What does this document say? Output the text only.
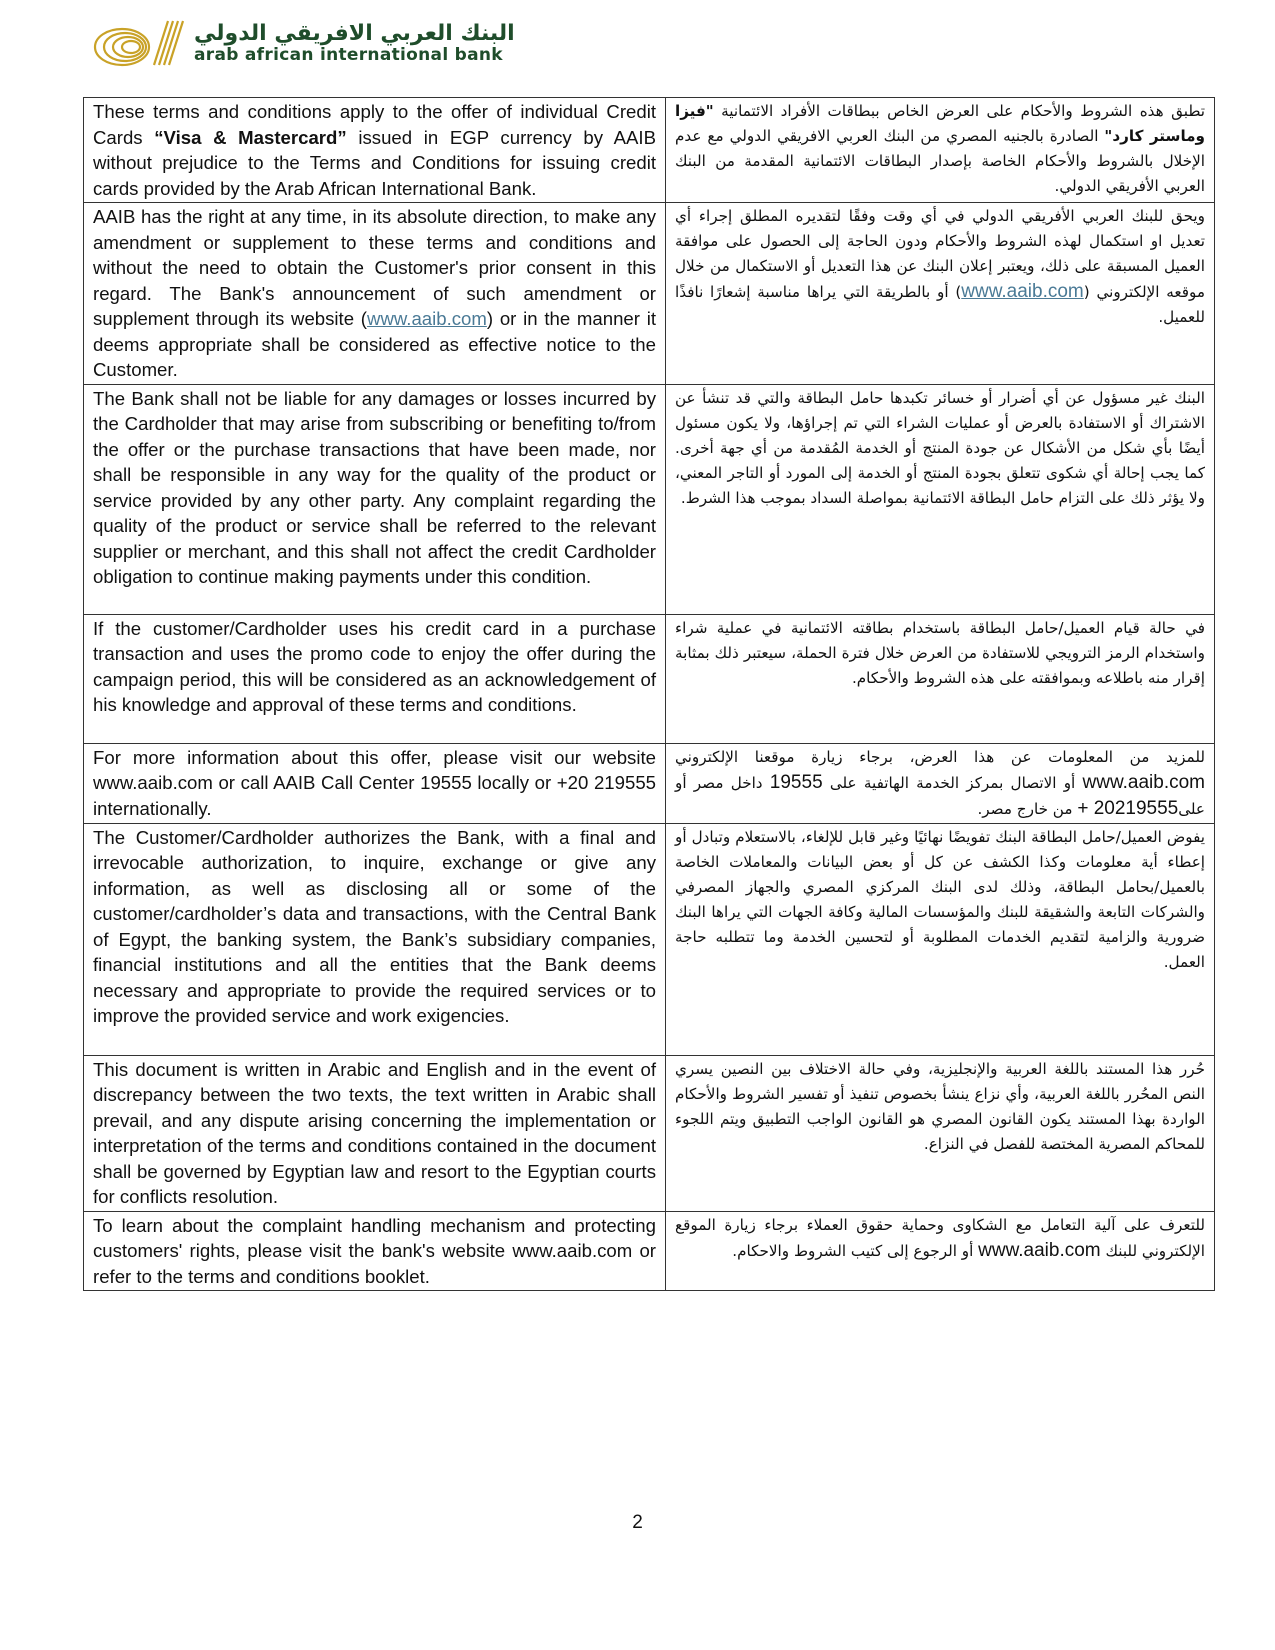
البنك العربي الافريقي الدولي
arab african international bank
These terms and conditions apply to the offer of individual Credit Cards “Visa & Mastercard” issued in EGP currency by AAIB without prejudice to the Terms and Conditions for issuing credit cards provided by the Arab African International Bank.	تطبق هذه الشروط والأحكام على العرض الخاص ببطاقات الأفراد الائتمانية "فيزا وماستر كارد" الصادرة بالجنيه المصري من البنك العربي الافريقي الدولي مع عدم الإخلال بالشروط والأحكام الخاصة بإصدار البطاقات الائتمانية المقدمة من البنك العربي الأفريقي الدولي.
AAIB has the right at any time, in its absolute direction, to make any amendment or supplement to these terms and conditions and without the need to obtain the Customer's prior consent in this regard. The Bank's announcement of such amendment or supplement through its website (www.aaib.com) or in the manner it deems appropriate shall be considered as effective notice to the Customer.	ويحق للبنك العربي الأفريقي الدولي في أي وقت وفقًا لتقديره المطلق إجراء أي تعديل او استكمال لهذه الشروط والأحكام ودون الحاجة إلى الحصول على موافقة العميل المسبقة على ذلك، ويعتبر إعلان البنك عن هذا التعديل أو الاستكمال من خلال موقعه الإلكتروني (www.aaib.com) أو بالطريقة التي يراها مناسبة إشعارًا نافذًا للعميل.
The Bank shall not be liable for any damages or losses incurred by the Cardholder that may arise from subscribing or benefiting to/from the offer or the purchase transactions that have been made, nor shall be responsible in any way for the quality of the product or service provided by any other party. Any complaint regarding the quality of the product or service shall be referred to the relevant supplier or merchant, and this shall not affect the credit Cardholder obligation to continue making payments under this condition.	البنك غير مسؤول عن أي أضرار أو خسائر تكبدها حامل البطاقة والتي قد تنشأ عن الاشتراك أو الاستفادة بالعرض أو عمليات الشراء التي تم إجراؤها، ولا يكون مسئول أيضًا بأي شكل من الأشكال عن جودة المنتج أو الخدمة المُقدمة من أي جهة أخرى. كما يجب إحالة أي شكوى تتعلق بجودة المنتج أو الخدمة إلى المورد أو التاجر المعني، ولا يؤثر ذلك على التزام حامل البطاقة الائتمانية بمواصلة السداد بموجب هذا الشرط.
If the customer/Cardholder uses his credit card in a purchase transaction and uses the promo code to enjoy the offer during the campaign period, this will be considered as an acknowledgement of his knowledge and approval of these terms and conditions.	في حالة قيام العميل/حامل البطاقة باستخدام بطاقته الائتمانية في عملية شراء واستخدام الرمز الترويجي للاستفادة من العرض خلال فترة الحملة، سيعتبر ذلك بمثابة إقرار منه باطلاعه وبموافقته على هذه الشروط والأحكام.
For more information about this offer, please visit our website www.aaib.com or call AAIB Call Center 19555 locally or +20 219555 internationally.	للمزيد من المعلومات عن هذا العرض، برجاء زيارة موقعنا الإلكتروني www.aaib.com أو الاتصال بمركز الخدمة الهاتفية على 19555 داخل مصر أو على20219555 + من خارج مصر.
The Customer/Cardholder authorizes the Bank, with a final and irrevocable authorization, to inquire, exchange or give any information, as well as disclosing all or some of the customer/cardholder’s data and transactions, with the Central Bank of Egypt, the banking system, the Bank’s subsidiary companies, financial institutions and all the entities that the Bank deems necessary and appropriate to provide the required services or to improve the provided service and work exigencies.	يفوض العميل/حامل البطاقة البنك تفويضًا نهائيًا وغير قابل للإلغاء، بالاستعلام وتبادل أو إعطاء أية معلومات وكذا الكشف عن كل أو بعض البيانات والمعاملات الخاصة بالعميل/بحامل البطاقة، وذلك لدى البنك المركزي المصري والجهاز المصرفي والشركات التابعة والشقيقة للبنك والمؤسسات المالية وكافة الجهات التي يراها البنك ضرورية والزامية لتقديم الخدمات المطلوبة أو لتحسين الخدمة وما تتطلبه حاجة العمل.
This document is written in Arabic and English and in the event of discrepancy between the two texts, the text written in Arabic shall prevail, and any dispute arising concerning the implementation or interpretation of the terms and conditions contained in the document shall be governed by Egyptian law and resort to the Egyptian courts for conflicts resolution.	حُرر هذا المستند باللغة العربية والإنجليزية، وفي حالة الاختلاف بين النصين يسري النص المحُرر باللغة العربية، وأي نزاع ينشأ بخصوص تنفيذ أو تفسير الشروط والأحكام الواردة بهذا المستند يكون القانون المصري هو القانون الواجب التطبيق ويتم اللجوء للمحاكم المصرية المختصة للفصل في النزاع.
To learn about the complaint handling mechanism and protecting customers' rights, please visit the bank's website www.aaib.com or refer to the terms and conditions booklet.	للتعرف على آلية التعامل مع الشكاوى وحماية حقوق العملاء برجاء زيارة الموقع الإلكتروني للبنك www.aaib.com أو الرجوع إلى كتيب الشروط والاحكام.
2
